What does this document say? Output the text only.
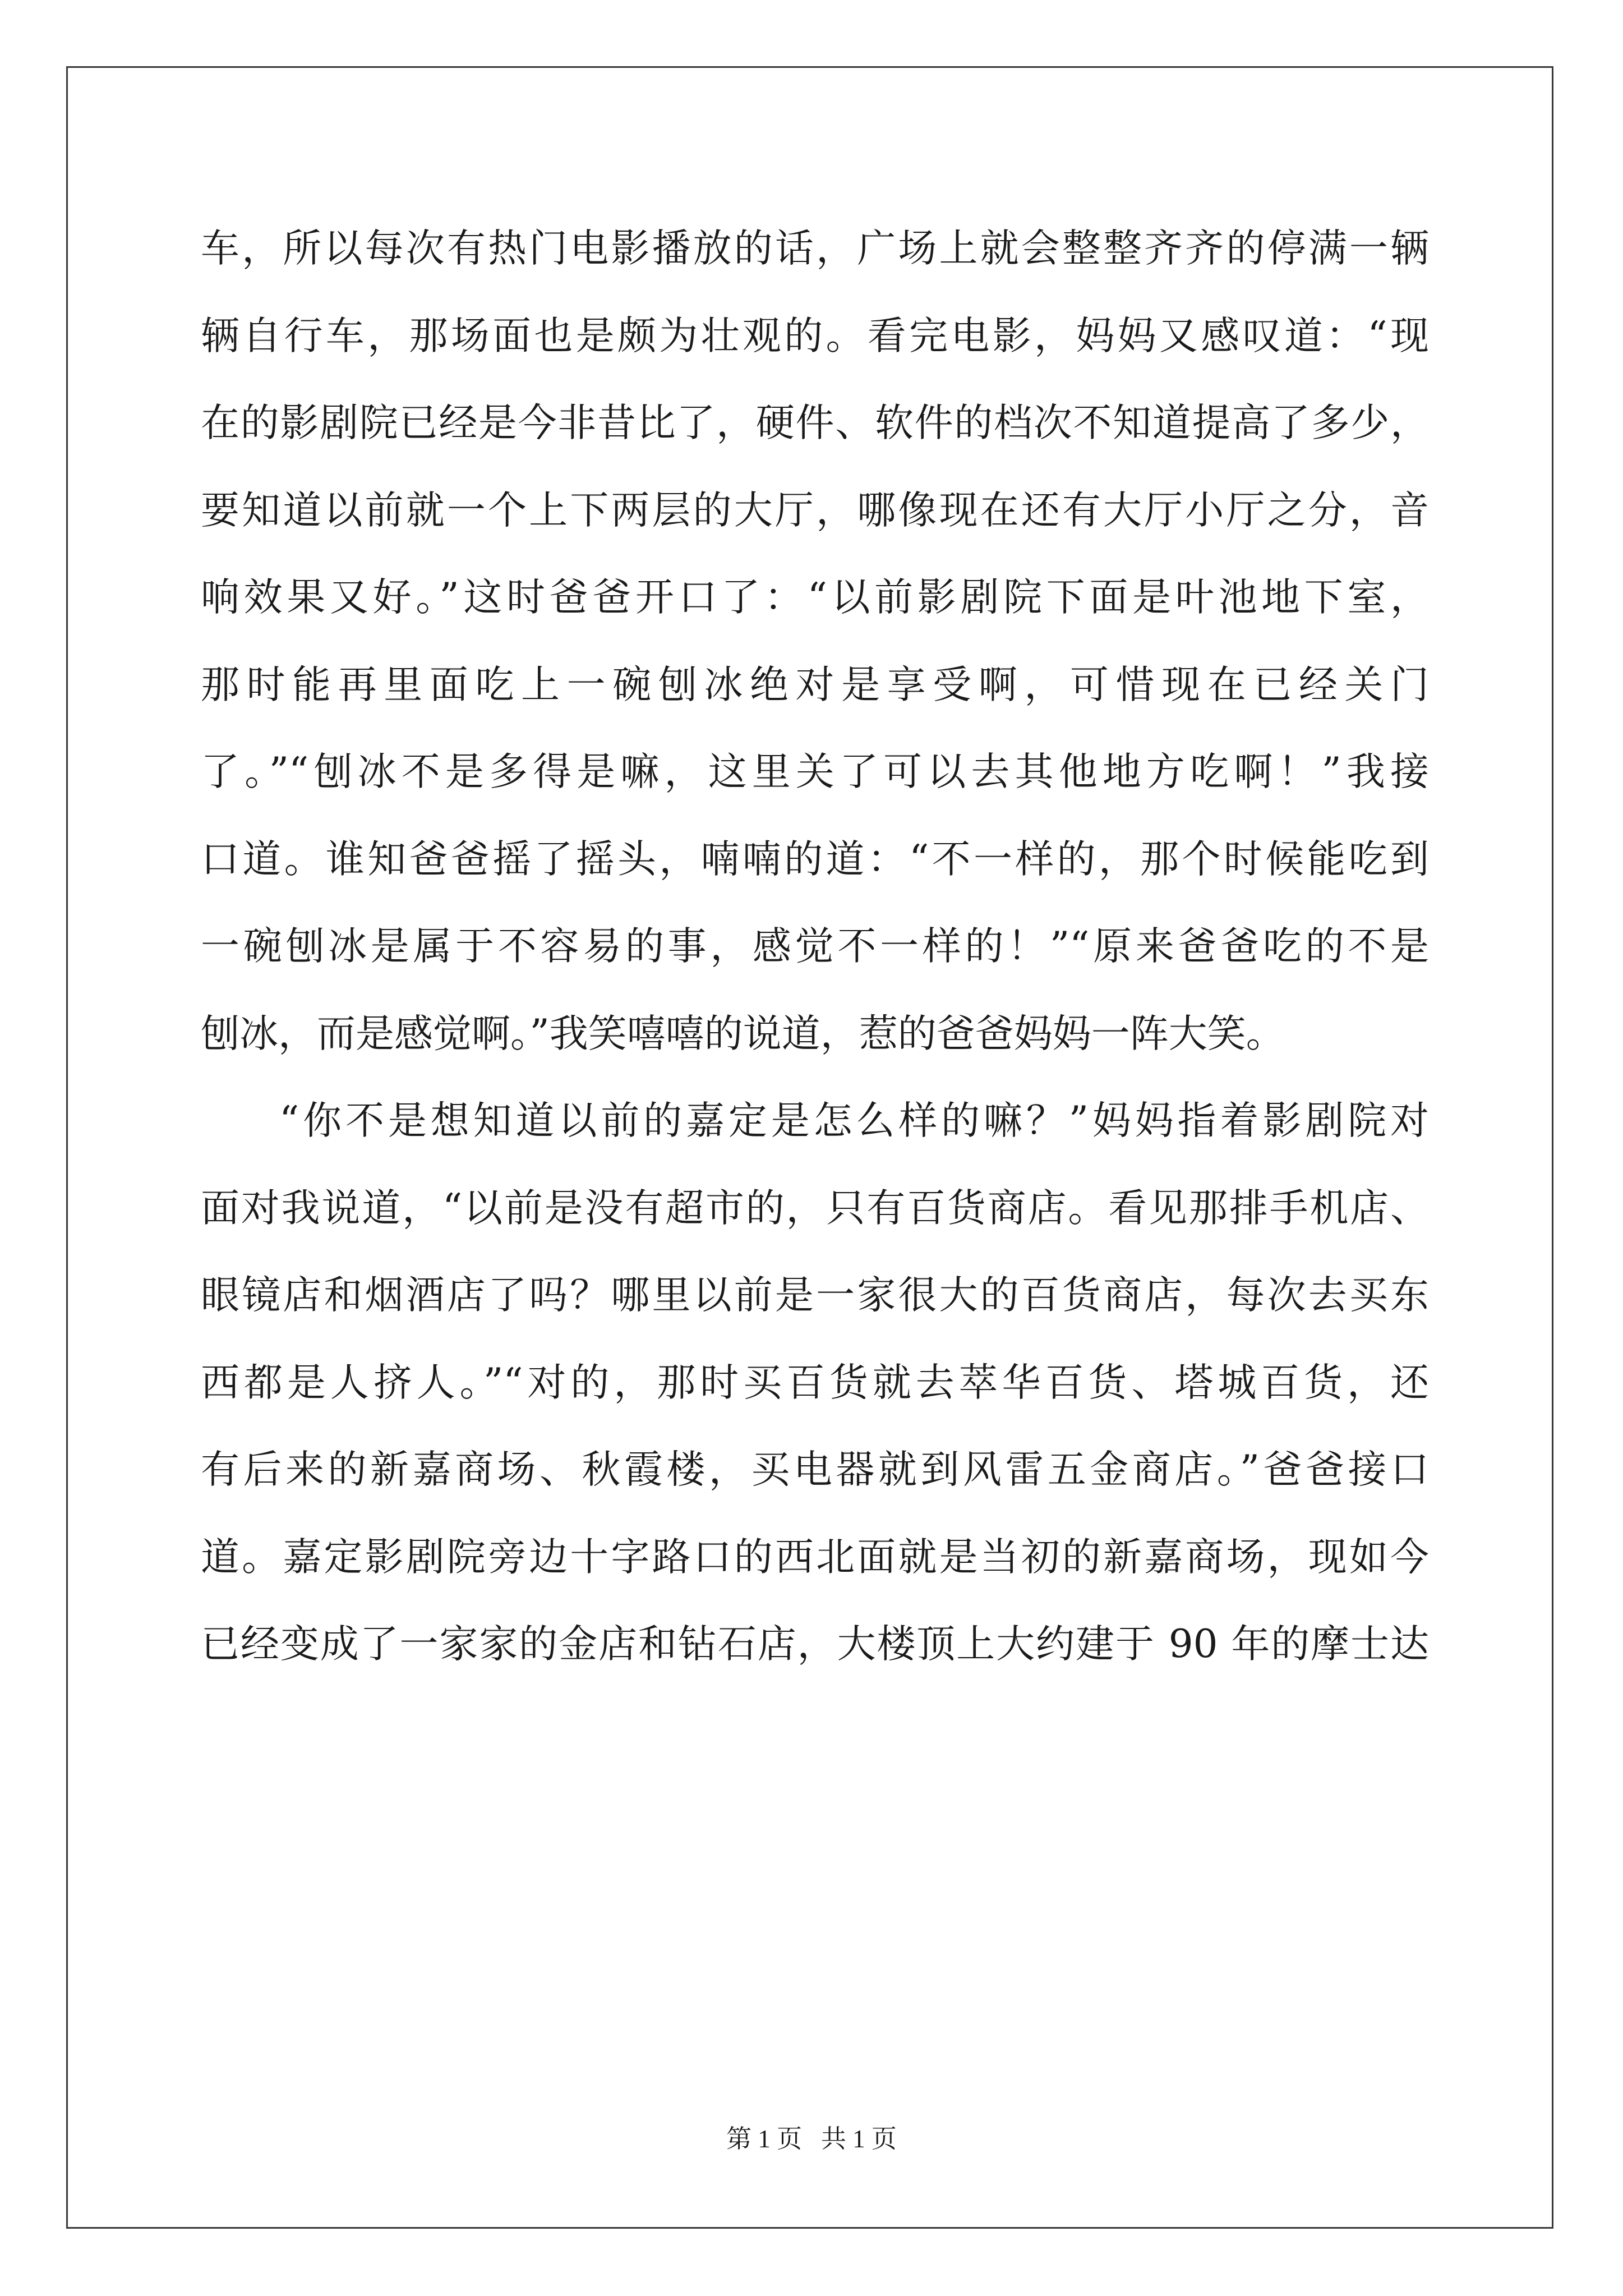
车，所以每次有热门电影播放的话，广场上就会整整齐齐的停满一辆
辆自行车，那场面也是颇为壮观的。看完电影，妈妈又感叹道：“现
在的影剧院已经是今非昔比了，硬件、软件的档次不知道提高了多少，
要知道以前就一个上下两层的大厅，哪像现在还有大厅小厅之分，音
响效果又好。”这时爸爸开口了：“以前影剧院下面是叶池地下室，
那时能再里面吃上一碗刨冰绝对是享受啊，可惜现在已经关门
了。”“刨冰不是多得是嘛，这里关了可以去其他地方吃啊！”我接
口道。谁知爸爸摇了摇头，喃喃的道：“不一样的，那个时候能吃到
一碗刨冰是属于不容易的事，感觉不一样的！”“原来爸爸吃的不是
刨冰，而是感觉啊。”我笑嘻嘻的说道，惹的爸爸妈妈一阵大笑。
“你不是想知道以前的嘉定是怎么样的嘛？”妈妈指着影剧院对
面对我说道，“以前是没有超市的，只有百货商店。看见那排手机店、
眼镜店和烟酒店了吗？哪里以前是一家很大的百货商店，每次去买东
西都是人挤人。”“对的，那时买百货就去萃华百货、塔城百货，还
有后来的新嘉商场、秋霞楼，买电器就到风雷五金商店。”爸爸接口
道。嘉定影剧院旁边十字路口的西北面就是当初的新嘉商场，现如今
已经变成了一家家的金店和钻石店，大楼顶上大约建于 90 年的摩士达
第 1 页 共 1 页
